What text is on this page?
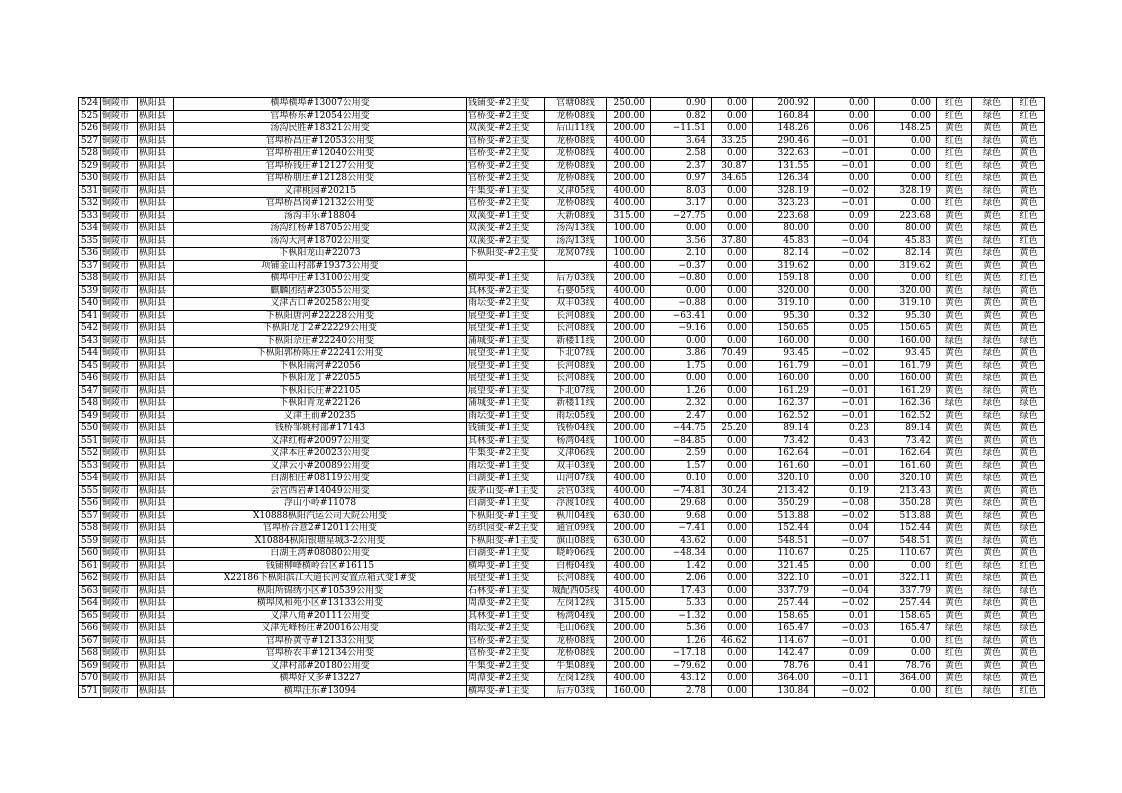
524	铜陵市	枞阳县	横埠横埠#13007公用变	钱铺变-#2主变	官塘08线	250.00	0.90	0.00	200.92	0.00	0.00	红色	绿色	红色
525	铜陵市	枞阳县	官埠桥东#12054公用变	官桥变-#2主变	龙桥08线	200.00	0.82	0.00	160.84	0.00	0.00	红色	绿色	红色
526	铜陵市	枞阳县	汤沟民胜#18321公用变	双溪变-#2主变	后山11线	200.00	−11.51	0.00	148.26	0.06	148.25	黄色	黄色	黄色
527	铜陵市	枞阳县	官埠桥昌庄#12053公用变	官桥变-#2主变	龙桥08线	400.00	3.64	33.25	290.46	−0.01	0.00	红色	绿色	黄色
528	铜陵市	枞阳县	官埠桥祖庄#12040公用变	官桥变-#2主变	龙桥08线	400.00	2.58	0.00	322.63	−0.01	0.00	红色	绿色	黄色
529	铜陵市	枞阳县	官埠桥钱庄#12127公用变	官桥变-#2主变	龙桥08线	200.00	2.37	30.87	131.55	−0.01	0.00	红色	绿色	黄色
530	铜陵市	枞阳县	官埠桥朋庄#12128公用变	官桥变-#2主变	龙桥08线	200.00	0.97	34.65	126.34	0.00	0.00	红色	绿色	黄色
531	铜陵市	枞阳县	义津桃园#20215	牛集变-#1主变	义津05线	400.00	8.03	0.00	328.19	−0.02	328.19	黄色	绿色	黄色
532	铜陵市	枞阳县	官埠桥昌岗#12132公用变	官桥变-#2主变	龙桥08线	400.00	3.17	0.00	323.23	−0.01	0.00	红色	绿色	黄色
533	铜陵市	枞阳县	汤沟丰乐#18804	双溪变-#1主变	大新08线	315.00	−27.75	0.00	223.68	0.09	223.68	黄色	黄色	红色
534	铜陵市	枞阳县	汤沟红杨#18705公用变	双溪变-#2主变	汤沟13线	100.00	0.00	0.00	80.00	0.00	80.00	黄色	绿色	黄色
535	铜陵市	枞阳县	汤沟大河#18702公用变	双溪变-#2主变	汤沟13线	100.00	3.56	37.80	45.83	−0.04	45.83	黄色	绿色	红色
536	铜陵市	枞阳县	下枞阳龙山#22073	下枞阳变-#2主变	龙窝07线	100.00	2.10	0.00	82.14	−0.02	82.14	黄色	绿色	黄色
537	铜陵市	枞阳县	项铺金山村部#19373公用变			400.00	−0.37	0.00	319.62	0.00	319.62	黄色	黄色	黄色
538	铜陵市	枞阳县	横埠中庄#13100公用变	横埠变-#1主变	后方03线	200.00	−0.80	0.00	159.18	0.00	0.00	红色	黄色	红色
539	铜陵市	枞阳县	麒麟团结#23055公用变	其林变-#2主变	石婆05线	400.00	0.00	0.00	320.00	0.00	320.00	黄色	绿色	黄色
540	铜陵市	枞阳县	义津古口#20258公用变	雨坛变-#2主变	双丰03线	400.00	−0.88	0.00	319.10	0.00	319.10	黄色	黄色	黄色
541	铜陵市	枞阳县	下枞阳唐河#22228公用变	展望变-#1主变	长河08线	200.00	−63.41	0.00	95.30	0.32	95.30	黄色	黄色	黄色
542	铜陵市	枞阳县	下枞阳龙丁2#22229公用变	展望变-#1主变	长河08线	200.00	−9.16	0.00	150.65	0.05	150.65	黄色	黄色	黄色
543	铜陵市	枞阳县	下枞阳佘庄#22240公用变	蒲城变-#1主变	新楼11线	200.00	0.00	0.00	160.00	0.00	160.00	绿色	绿色	绿色
544	铜陵市	枞阳县	下枞阳郭桥陈庄#22241公用变	展望变-#1主变	下北07线	200.00	3.86	70.49	93.45	−0.02	93.45	黄色	绿色	黄色
545	铜陵市	枞阳县	下枞阳南河#22056	展望变-#1主变	长河08线	200.00	1.75	0.00	161.79	−0.01	161.79	黄色	绿色	黄色
546	铜陵市	枞阳县	下枞阳龙丁#22055	展望变-#1主变	长河08线	200.00	0.00	0.00	160.00	0.00	160.00	黄色	绿色	黄色
547	铜陵市	枞阳县	下枞阳长庄#22105	展望变-#1主变	下北07线	200.00	1.26	0.00	161.29	−0.01	161.29	黄色	绿色	黄色
548	铜陵市	枞阳县	下枞阳青龙#22126	蒲城变-#1主变	新楼11线	200.00	2.32	0.00	162.37	−0.01	162.36	绿色	绿色	绿色
549	铜陵市	枞阳县	义津王前#20235	雨坛变-#1主变	雨坛05线	200.00	2.47	0.00	162.52	−0.01	162.52	黄色	绿色	绿色
550	铜陵市	枞阳县	钱桥邹姚村部#17143	钱铺变-#1主变	钱桥04线	200.00	−44.75	25.20	89.14	0.23	89.14	黄色	黄色	黄色
551	铜陵市	枞阳县	义津红梅#20097公用变	其林变-#1主变	杨湾04线	100.00	−84.85	0.00	73.42	0.43	73.42	黄色	黄色	黄色
552	铜陵市	枞阳县	义津本庄#20023公用变	牛集变-#2主变	义津06线	200.00	2.59	0.00	162.64	−0.01	162.64	黄色	绿色	黄色
553	铜陵市	枞阳县	义津云小#20089公用变	雨坛变-#1主变	双丰03线	200.00	1.57	0.00	161.60	−0.01	161.60	黄色	绿色	黄色
554	铜陵市	枞阳县	白湖柏庄#08119公用变	白湖变-#1主变	山河07线	400.00	0.10	0.00	320.10	0.00	320.10	黄色	绿色	黄色
555	铜陵市	枞阳县	会宫西岩#14049公用变	拔茅山变-#1主变	会宫03线	400.00	−74.81	30.24	213.42	0.19	213.43	黄色	黄色	黄色
556	铜陵市	枞阳县	浮山小岭#11078	白湖变-#1主变	浮渡10线	400.00	29.68	0.00	350.29	−0.08	350.28	黄色	绿色	黄色
557	铜陵市	枞阳县	X10888枞阳汽运公司大院公用变	下枞阳变-#1主变	枞川04线	630.00	9.68	0.00	513.88	−0.02	513.88	黄色	绿色	黄色
558	铜陵市	枞阳县	官埠桥合意2#12011公用变	纺织园变-#2主变	通宜09线	200.00	−7.41	0.00	152.44	0.04	152.44	黄色	黄色	绿色
559	铜陵市	枞阳县	X10884枞阳银塘星城3-2公用变	下枞阳变-#1主变	旗山08线	630.00	43.62	0.00	548.51	−0.07	548.51	黄色	绿色	黄色
560	铜陵市	枞阳县	白湖王湾#08080公用变	白湖变-#1主变	晓岭06线	200.00	−48.34	0.00	110.67	0.25	110.67	黄色	黄色	黄色
561	铜陵市	枞阳县	钱铺柳峰横岭台区#16115	横埠变-#1主变	白梅04线	400.00	1.42	0.00	321.45	0.00	0.00	红色	绿色	红色
562	铜陵市	枞阳县	X22186下枞阳滨江大道长河安置点箱式变1#变	展望变-#1主变	长河08线	400.00	2.06	0.00	322.10	−0.01	322.11	黄色	绿色	黄色
563	铜陵市	枞阳县	枞阳所锦绣小区#10539公用变	石林变-#1主变	城配西05线	400.00	17.43	0.00	337.79	−0.04	337.79	黄色	绿色	绿色
564	铜陵市	枞阳县	横埠凤和苑小区#13133公用变	周潭变-#2主变	左岗12线	315.00	5.33	0.00	257.44	−0.02	257.44	黄色	绿色	黄色
565	铜陵市	枞阳县	义津八角#20111公用变	其林变-#1主变	杨湾04线	200.00	−1.32	0.00	158.65	0.01	158.65	黄色	黄色	黄色
566	铜陵市	枞阳县	义津先峰杨庄#20016公用变	雨坛变-#2主变	毛山06线	200.00	5.36	0.00	165.47	−0.03	165.47	绿色	绿色	绿色
567	铜陵市	枞阳县	官埠桥黄寺#12133公用变	官桥变-#2主变	龙桥08线	200.00	1.26	46.62	114.67	−0.01	0.00	红色	绿色	黄色
568	铜陵市	枞阳县	官埠桥农丰#12134公用变	官桥变-#2主变	龙桥08线	200.00	−17.18	0.00	142.47	0.09	0.00	红色	黄色	黄色
569	铜陵市	枞阳县	义津村部#20180公用变	牛集变-#2主变	牛集08线	200.00	−79.62	0.00	78.76	0.41	78.76	黄色	黄色	黄色
570	铜陵市	枞阳县	横埠好又多#13227	周潭变-#2主变	左岗12线	400.00	43.12	0.00	364.00	−0.11	364.00	黄色	绿色	黄色
571	铜陵市	枞阳县	横埠汪东#13094	横埠变-#1主变	后方03线	160.00	2.78	0.00	130.84	−0.02	0.00	红色	绿色	红色
